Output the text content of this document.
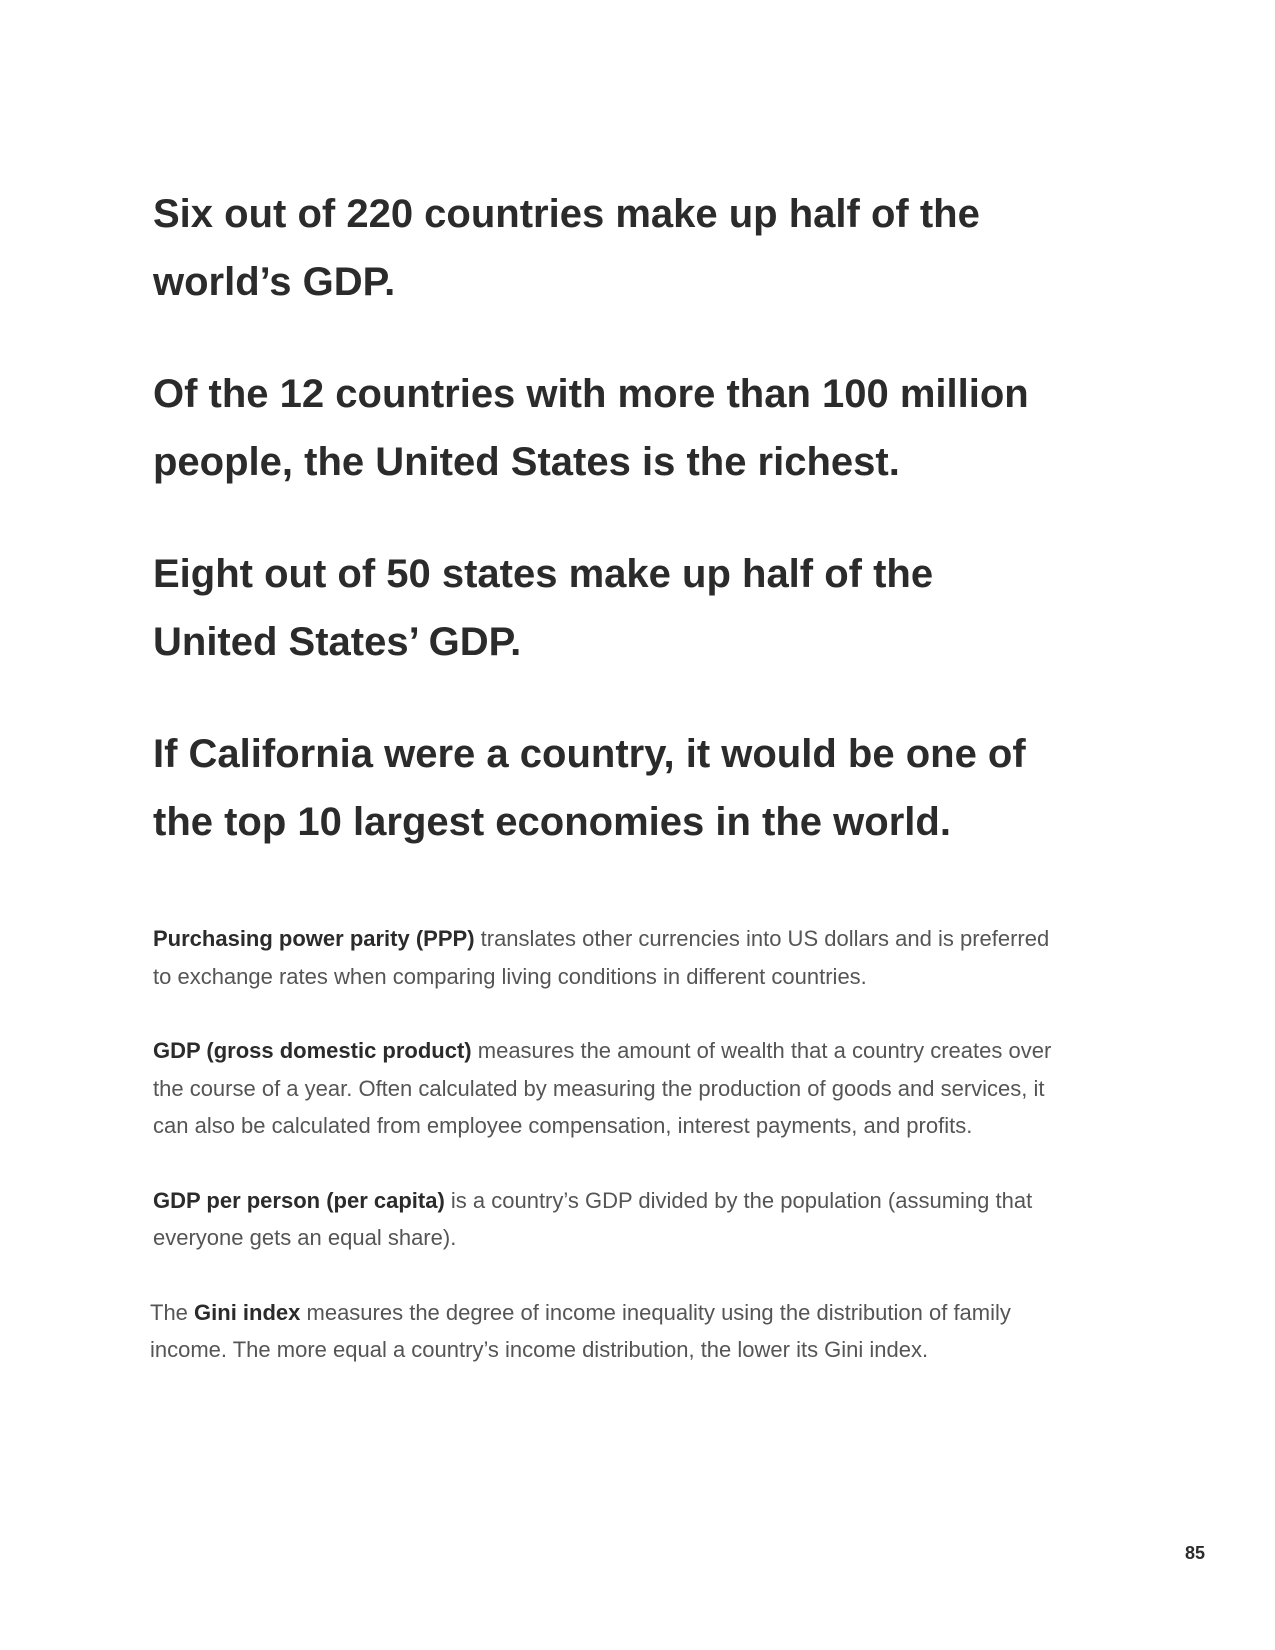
Six out of 220 countries make up half of the world’s GDP.

Of the 12 countries with more than 100 million people, the United States is the richest.

Eight out of 50 states make up half of the United States’ GDP.

If California were a country, it would be one of the top 10 largest economies in the world.

Purchasing power parity (PPP) translates other currencies into US dollars and is preferred to exchange rates when comparing living conditions in different countries.

GDP (gross domestic product) measures the amount of wealth that a country creates over the course of a year. Often calculated by measuring the production of goods and services, it can also be calculated from employee compensation, interest payments, and profits.

GDP per person (per capita) is a country’s GDP divided by the population (assuming that everyone gets an equal share).

The Gini index measures the degree of income inequality using the distribution of family income. The more equal a country’s income distribution, the lower its Gini index.

85
